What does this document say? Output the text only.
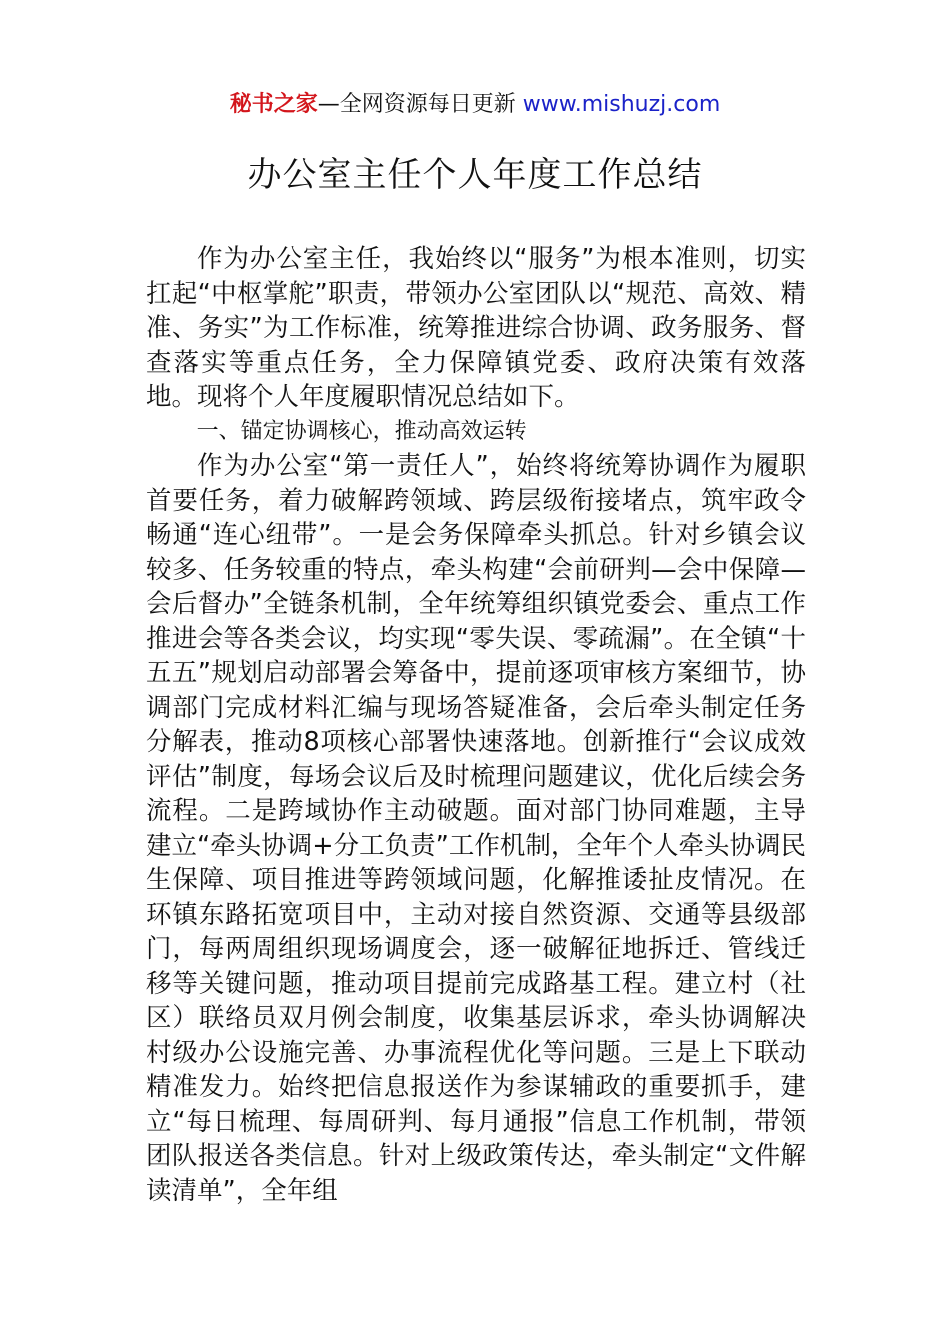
秘书之家—全网资源每日更新 www.mishuzj.com
办公室主任个人年度工作总结

作为办公室主任，我始终以“服务”为根本准则，切实扛起“中枢掌舵”职责，带领办公室团队以“规范、高效、精准、务实”为工作标准，统筹推进综合协调、政务服务、督查落实等重点任务，全力保障镇党委、政府决策有效落地。现将个人年度履职情况总结如下。

一、锚定协调核心，推动高效运转

作为办公室“第一责任人”，始终将统筹协调作为履职首要任务，着力破解跨领域、跨层级衔接堵点，筑牢政令畅通“连心纽带”。一是会务保障牵头抓总。针对乡镇会议较多、任务较重的特点，牵头构建“会前研判—会中保障—会后督办”全链条机制，全年统筹组织镇党委会、重点工作推进会等各类会议，均实现“零失误、零疏漏”。在全镇“十五五”规划启动部署会筹备中，提前逐项审核方案细节，协调部门完成材料汇编与现场答疑准备，会后牵头制定任务分解表，推动8项核心部署快速落地。创新推行“会议成效评估”制度，每场会议后及时梳理问题建议，优化后续会务流程。二是跨域协作主动破题。面对部门协同难题，主导建立“牵头协调+分工负责”工作机制，全年个人牵头协调民生保障、项目推进等跨领域问题，化解推诿扯皮情况。在环镇东路拓宽项目中，主动对接自然资源、交通等县级部门，每两周组织现场调度会，逐一破解征地拆迁、管线迁移等关键问题，推动项目提前完成路基工程。建立村（社区）联络员双月例会制度，收集基层诉求，牵头协调解决村级办公设施完善、办事流程优化等问题。三是上下联动精准发力。始终把信息报送作为参谋辅政的重要抓手，建立“每日梳理、每周研判、每月通报”信息工作机制，带领团队报送各类信息。针对上级政策传达，牵头制定“文件解读清单”，全年组
